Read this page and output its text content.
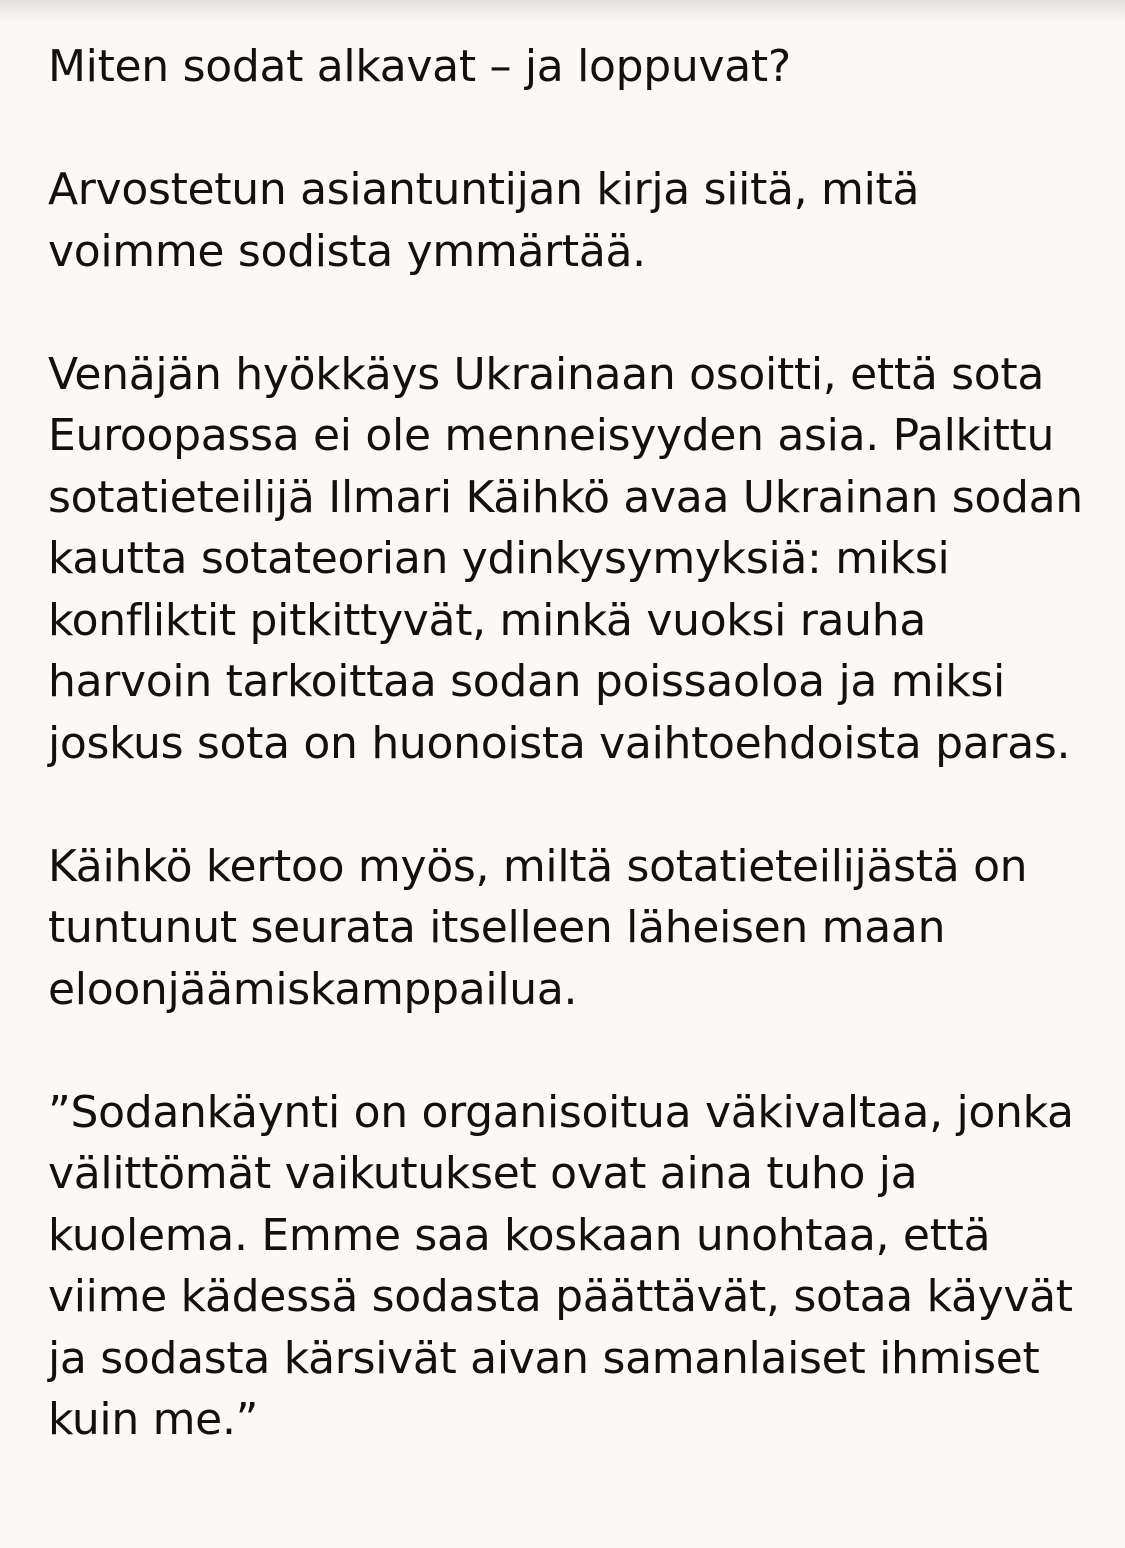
Miten sodat alkavat – ja loppuvat?

Arvostetun asiantuntijan kirja siitä, mitä voimme sodista ymmärtää.

Venäjän hyökkäys Ukrainaan osoitti, että sota Euroopassa ei ole menneisyyden asia. Palkittu sotatieteilijä Ilmari Käihkö avaa Ukrainan sodan kautta sotateorian ydinkysymyksiä: miksi konfliktit pitkittyvät, minkä vuoksi rauha harvoin tarkoittaa sodan poissaoloa ja miksi joskus sota on huonoista vaihtoehdoista paras.

Käihkö kertoo myös, miltä sotatieteilijästä on tuntunut seurata itselleen läheisen maan eloonjäämiskamppailua.

”Sodankäynti on organisoitua väkivaltaa, jonka välittömät vaikutukset ovat aina tuho ja kuolema. Emme saa koskaan unohtaa, että viime kädessä sodasta päättävät, sotaa käyvät ja sodasta kärsivät aivan samanlaiset ihmiset kuin me.”
